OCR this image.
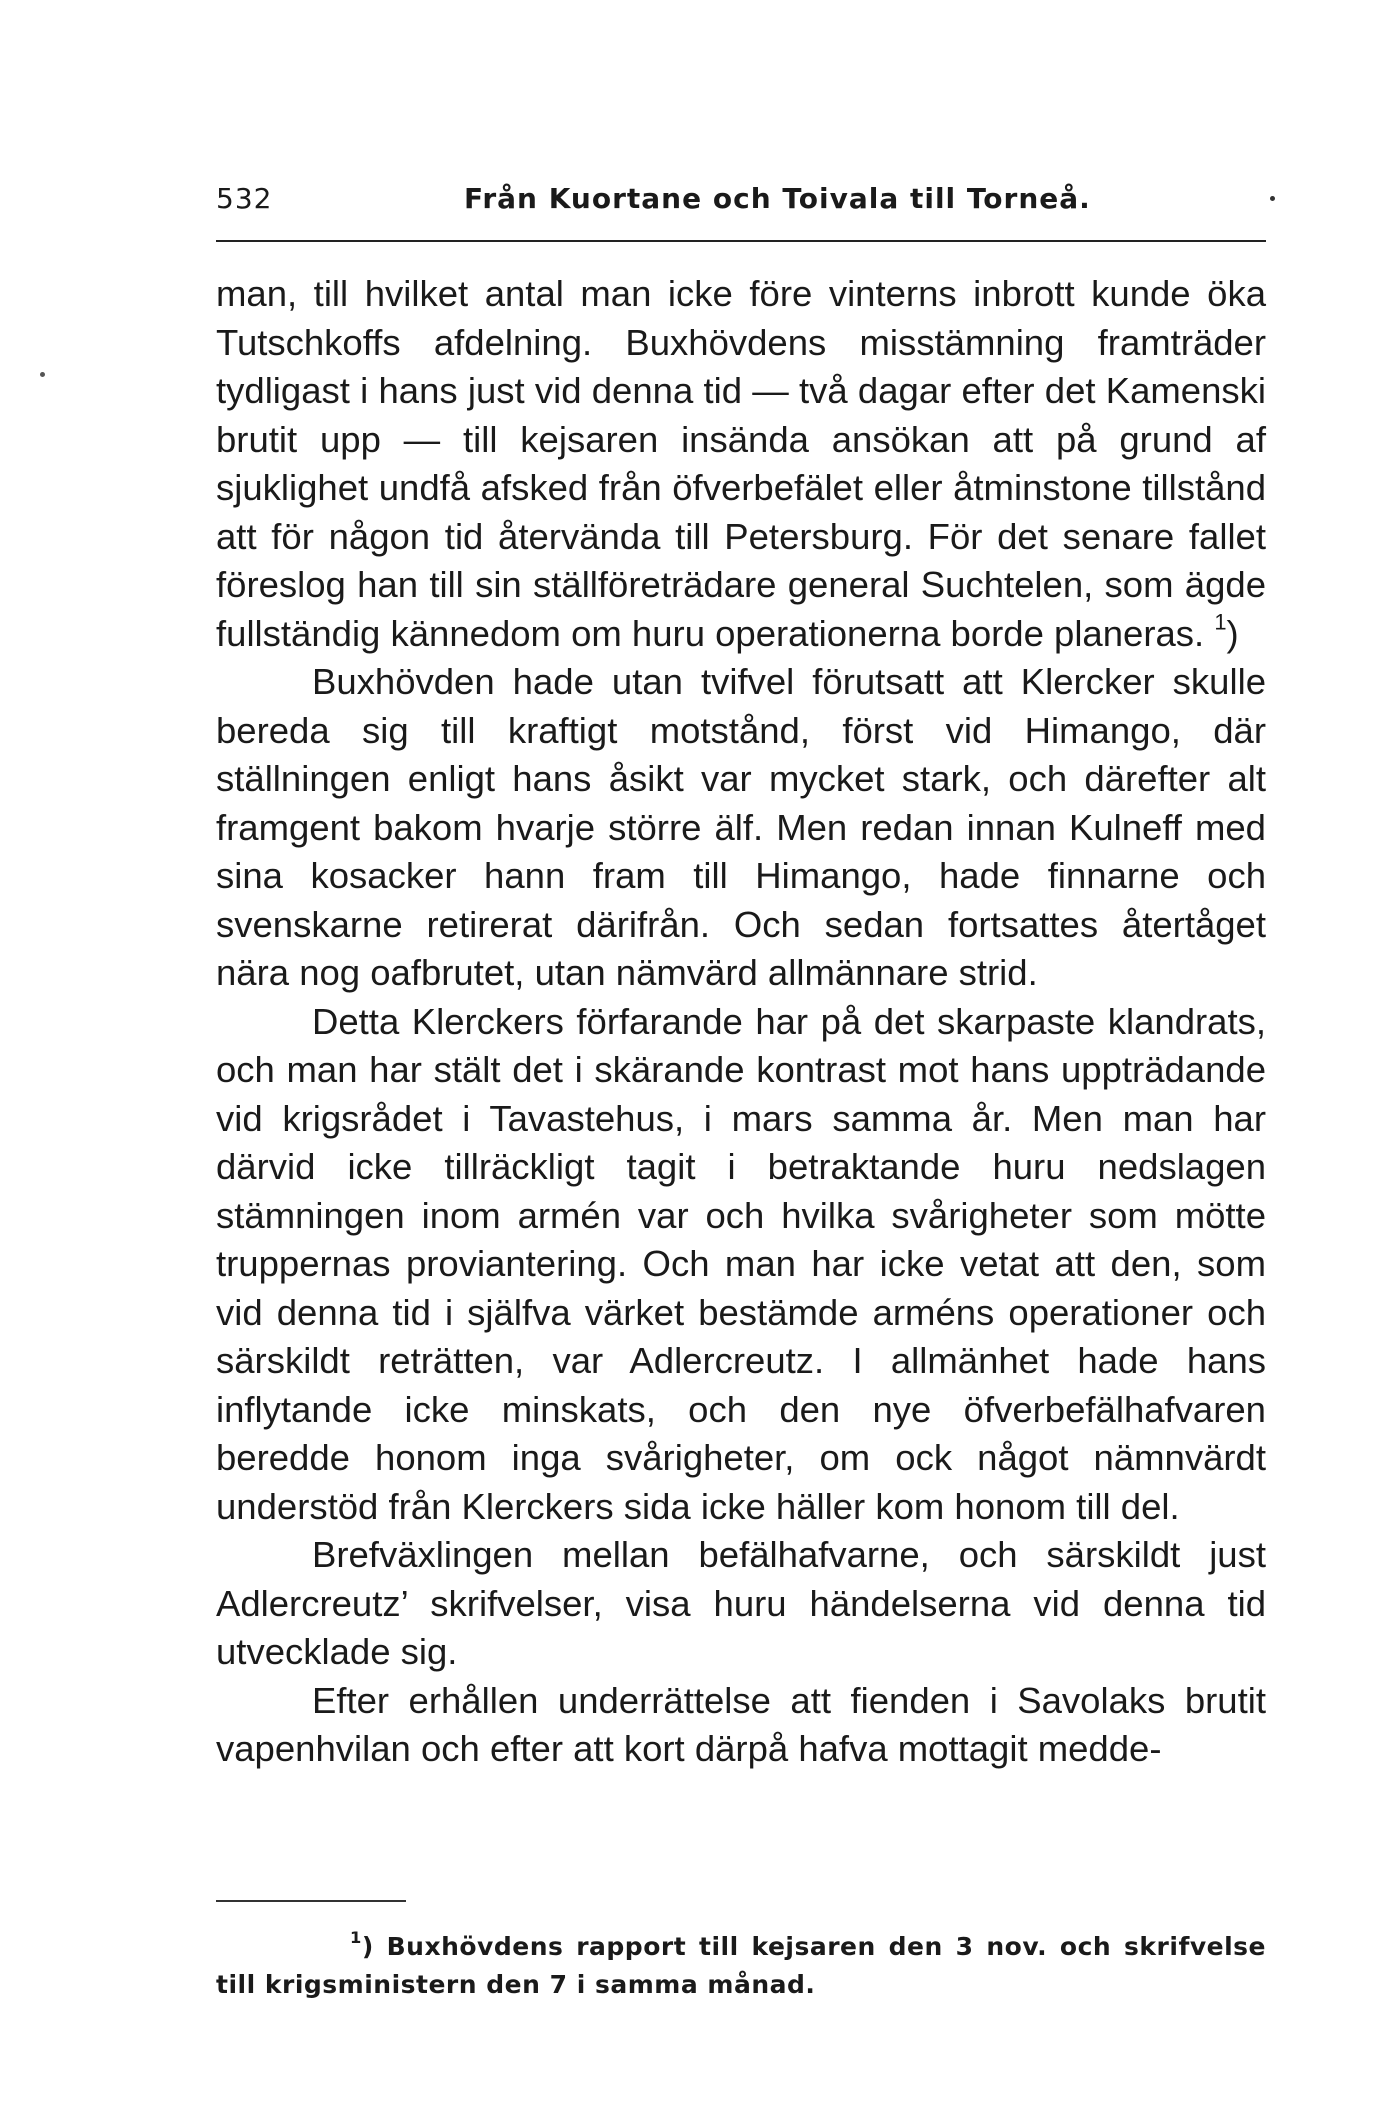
532	Från Kuortane och Toivala till Torneå.

man, till hvilket antal man icke före vinterns inbrott kunde öka Tutschkoffs afdelning. Buxhövdens misstämning framträder tydligast i hans just vid denna tid — två dagar efter det Kamenski brutit upp — till kejsaren insända ansökan att på grund af sjuklighet undfå afsked från öfverbefälet eller åtminstone tillstånd att för någon tid återvända till Petersburg. För det senare fallet föreslog han till sin ställföreträdare general Suchtelen, som ägde fullständig kännedom om huru operationerna borde planeras. $^1$)

Buxhövden hade utan tvifvel förutsatt att Klercker skulle bereda sig till kraftigt motstånd, först vid Himango, där ställningen enligt hans åsikt var mycket stark, och därefter alt framgent bakom hvarje större älf. Men redan innan Kulneff med sina kosacker hann fram till Himango, hade finnarne och svenskarne retirerat därifrån. Och sedan fortsattes återtåget nära nog oafbrutet, utan nämvärd allmännare strid.

Detta Klerckers förfarande har på det skarpaste klandrats, och man har stält det i skärande kontrast mot hans uppträdande vid krigsrådet i Tavastehus, i mars samma år. Men man har därvid icke tillräckligt tagit i betraktande huru nedslagen stämningen inom armén var och hvilka svårigheter som mötte truppernas proviantering. Och man har icke vetat att den, som vid denna tid i själfva värket bestämde arméns operationer och särskildt reträtten, var Adlercreutz. I allmänhet hade hans inflytande icke minskats, och den nye öfverbefälhafvaren beredde honom inga svårigheter, om ock något nämnvärdt understöd från Klerckers sida icke häller kom honom till del.

Brefväxlingen mellan befälhafvarne, och särskildt just Adlercreutz’ skrifvelser, visa huru händelserna vid denna tid utvecklade sig.

Efter erhållen underrättelse att fienden i Savolaks brutit vapenhvilan och efter att kort därpå hafva mottagit medde-

$^1$) Buxhövdens rapport till kejsaren den 3 nov. och skrifvelse till krigsministern den 7 i samma månad.
